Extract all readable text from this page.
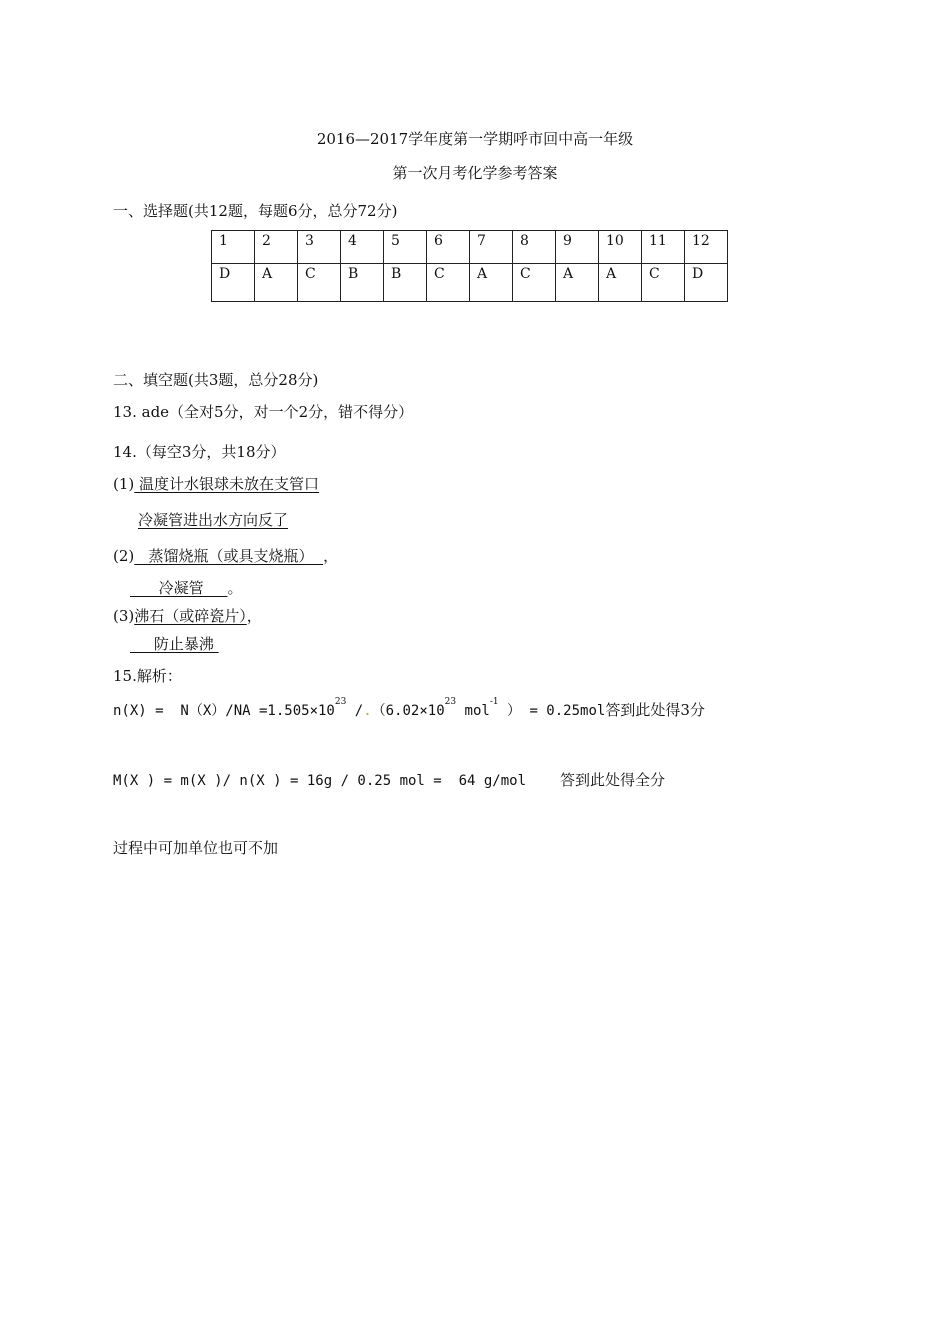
2016—2017学年度第一学期呼市回中高一年级
第一次月考化学参考答案
一、选择题(共12题，每题6分，总分72分)
1	2	3	4	5	6	7	8	9	10	11	12
D	A	C	B	B	C	A	C	A	A	C	D
二、填空题(共3题，总分28分)
13. ade（全对5分，对一个2分，错不得分）
14.（每空3分，共18分）
(1) 温度计水银球未放在支管口
冷凝管进出水方向反了
(2)   蒸馏烧瓶（或具支烧瓶）  ，
冷凝管     。
(3)沸石（或碎瓷片），
防止暴沸
15.解析：
$n(X) = N(X)/NA =1.505\times 10^{23}$ $/.(6.02\times 10^{23}$ mol$^{-1}$ ） = 0.25mol答到此处得3分
M(X ) = m(X )/ n(X ) = 16g / 0.25 mol =  64 g/mol 答到此处得全分
过程中可加单位也可不加
